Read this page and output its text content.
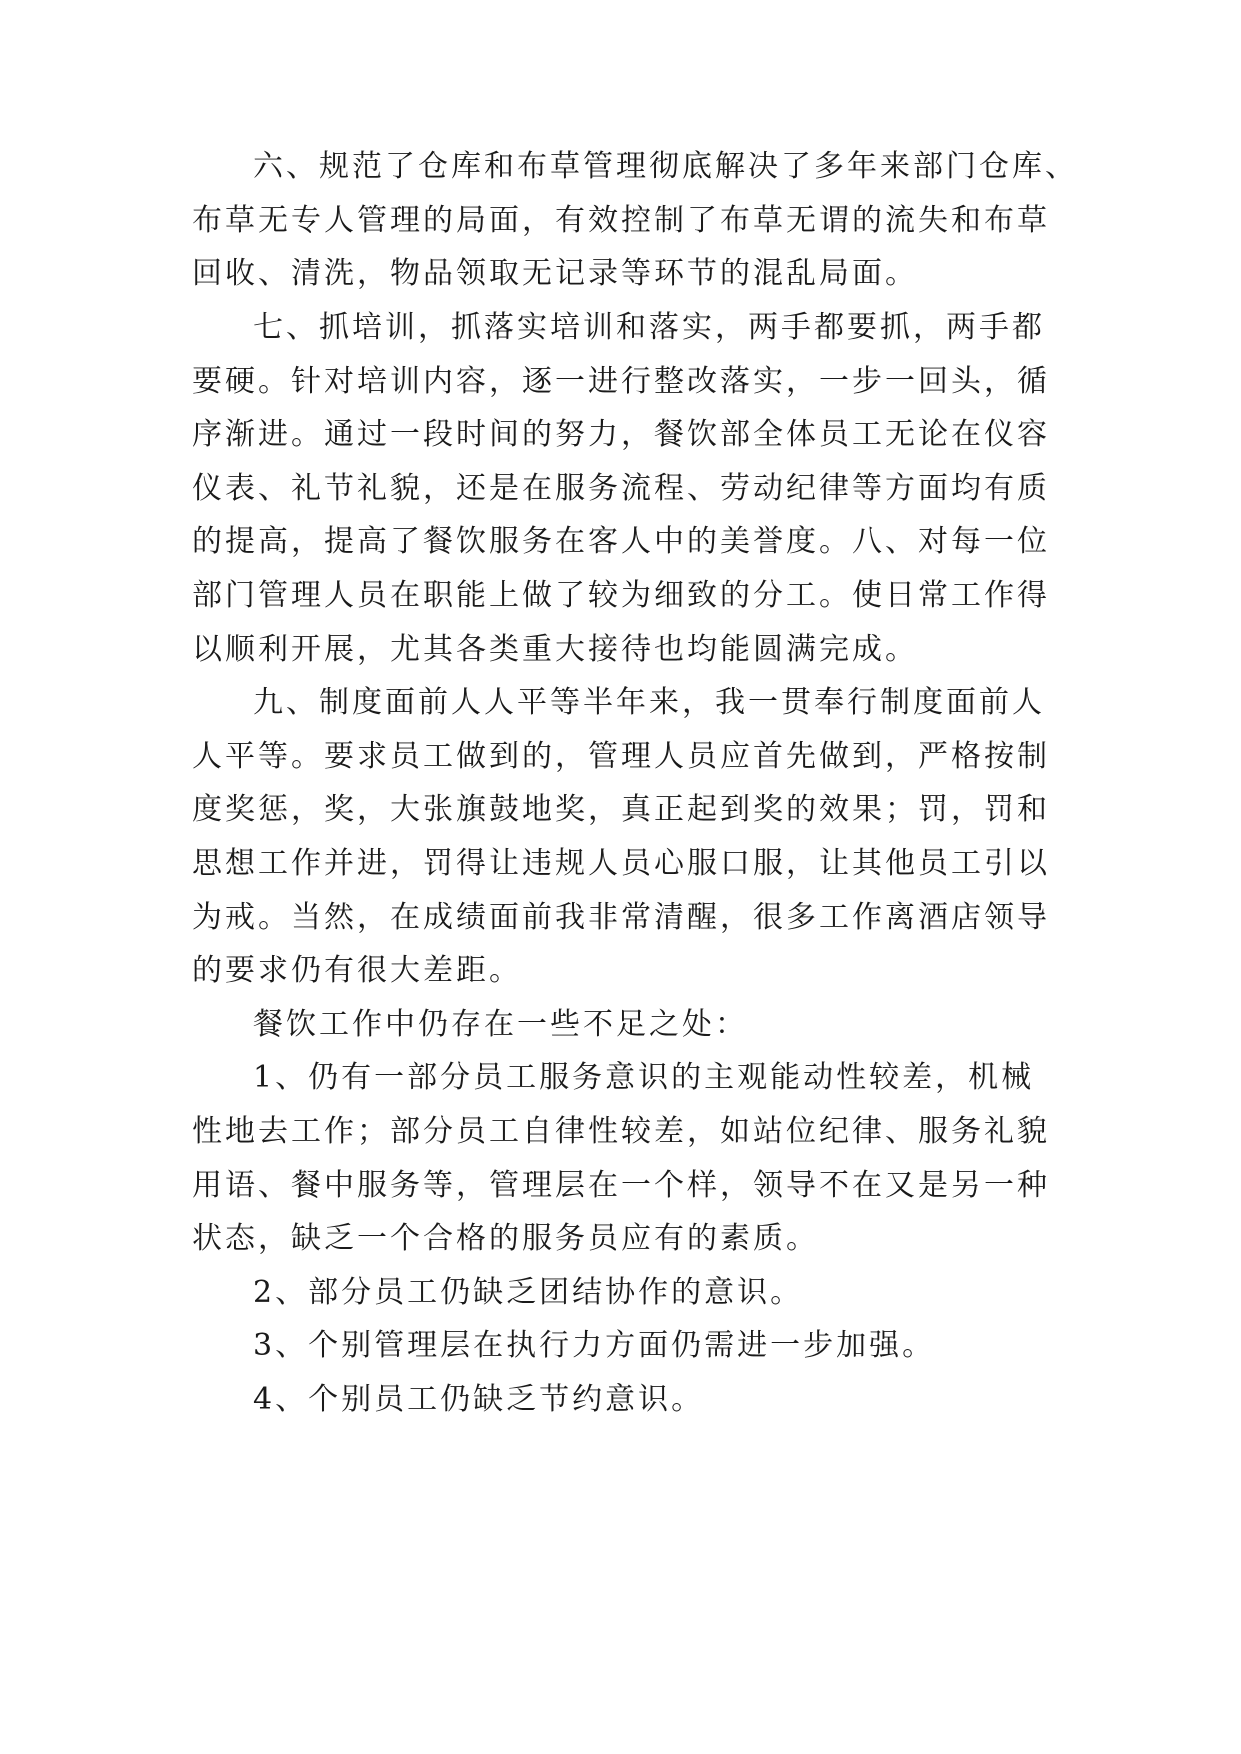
六、规范了仓库和布草管理彻底解决了多年来部门仓库、
布草无专人管理的局面，有效控制了布草无谓的流失和布草
回收、清洗，物品领取无记录等环节的混乱局面。
七、抓培训，抓落实培训和落实，两手都要抓，两手都
要硬。针对培训内容，逐一进行整改落实，一步一回头，循
序渐进。通过一段时间的努力，餐饮部全体员工无论在仪容
仪表、礼节礼貌，还是在服务流程、劳动纪律等方面均有质
的提高，提高了餐饮服务在客人中的美誉度。八、对每一位
部门管理人员在职能上做了较为细致的分工。使日常工作得
以顺利开展，尤其各类重大接待也均能圆满完成。
九、制度面前人人平等半年来，我一贯奉行制度面前人
人平等。要求员工做到的，管理人员应首先做到，严格按制
度奖惩，奖，大张旗鼓地奖，真正起到奖的效果；罚，罚和
思想工作并进，罚得让违规人员心服口服，让其他员工引以
为戒。当然，在成绩面前我非常清醒，很多工作离酒店领导
的要求仍有很大差距。
餐饮工作中仍存在一些不足之处：
1、仍有一部分员工服务意识的主观能动性较差，机械
性地去工作；部分员工自律性较差，如站位纪律、服务礼貌
用语、餐中服务等，管理层在一个样，领导不在又是另一种
状态，缺乏一个合格的服务员应有的素质。
2、部分员工仍缺乏团结协作的意识。
3、个别管理层在执行力方面仍需进一步加强。
4、个别员工仍缺乏节约意识。
